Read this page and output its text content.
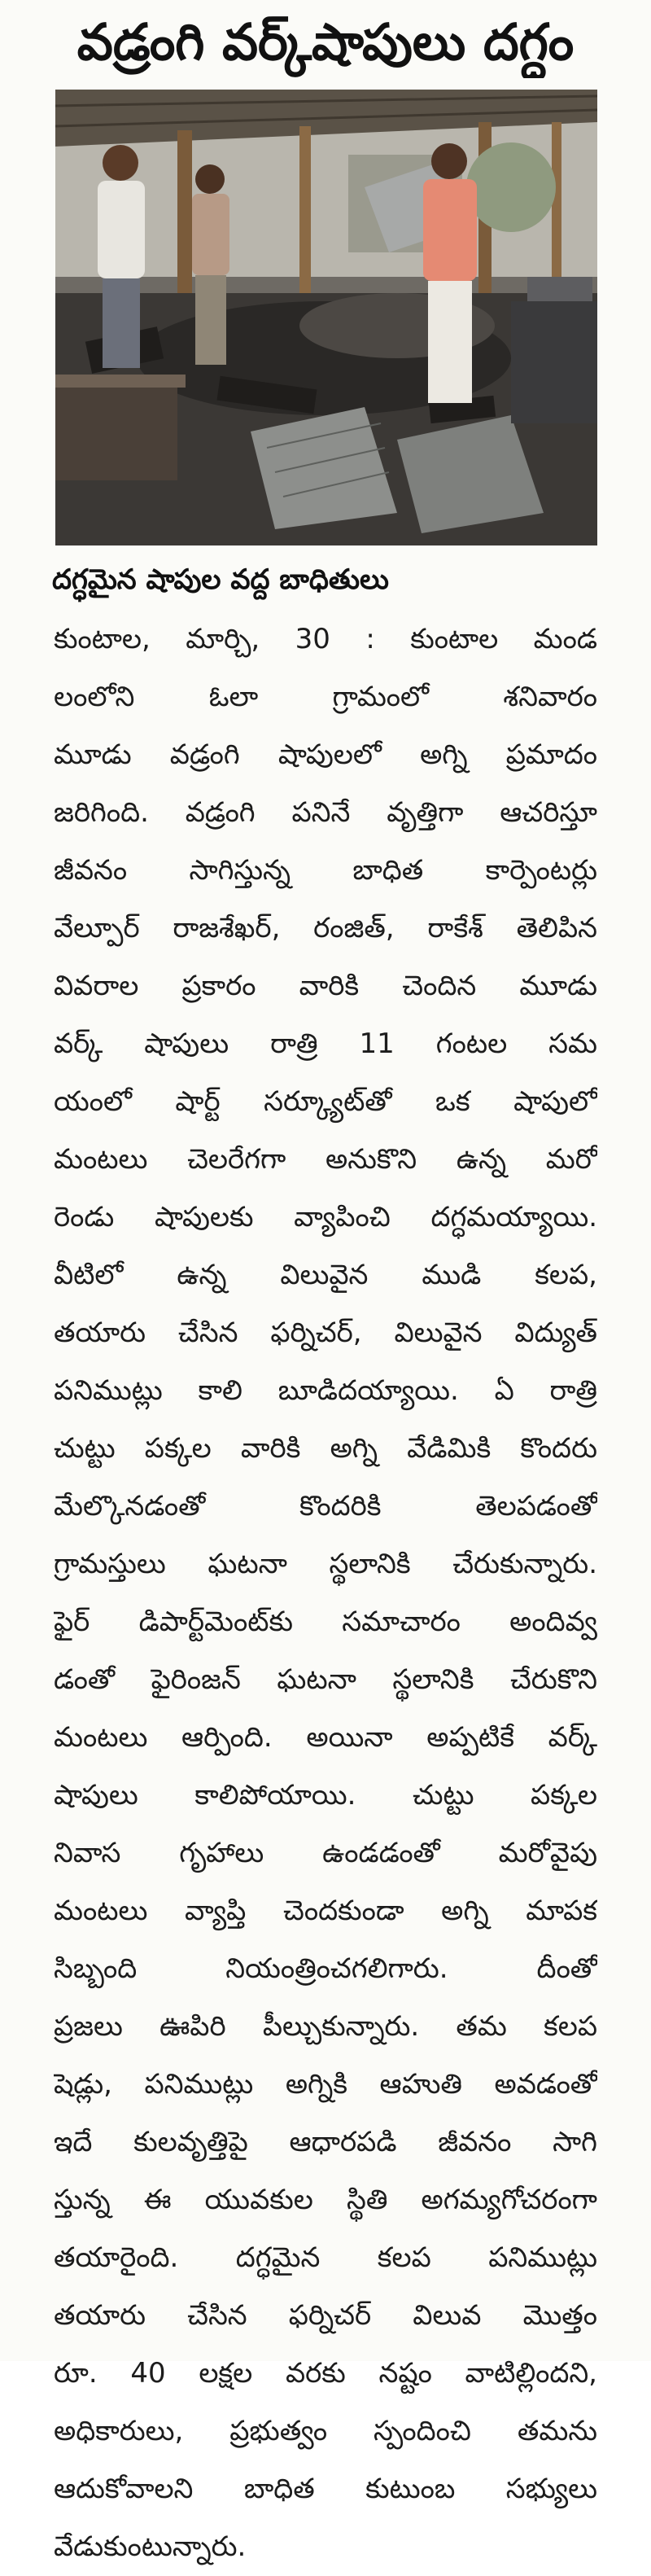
వడ్రంగి వర్క్‌షాపులు దగ్ధం
దగ్ధమైన షాపుల వద్ద బాధితులు
కుంటాల, మార్చి, 30 : కుంటాల మండ
లంలోని ఓలా గ్రామంలో శనివారం
మూడు వడ్రంగి షాపులలో అగ్ని ప్రమాదం
జరిగింది. వడ్రంగి పనినే వృత్తిగా ఆచరిస్తూ
జీవనం సాగిస్తున్న బాధిత కార్పెంటర్లు
వేల్పూర్ రాజశేఖర్, రంజిత్, రాకేశ్ తెలిపిన
వివరాల ప్రకారం వారికి చెందిన మూడు
వర్క్ షాపులు రాత్రి 11 గంటల సమ
యంలో షార్ట్ సర్క్యూట్‌తో ఒక షాపులో
మంటలు చెలరేగగా అనుకొని ఉన్న మరో
రెండు షాపులకు వ్యాపించి దగ్ధమయ్యాయి.
వీటిలో ఉన్న విలువైన ముడి కలప,
తయారు చేసిన ఫర్నిచర్, విలువైన విద్యుత్
పనిముట్లు కాలి బూడిదయ్యాయి. ఏ రాత్రి
చుట్టు పక్కల వారికి అగ్ని వేడిమికి కొందరు
మేల్కొనడంతో కొందరికి తెలపడంతో
గ్రామస్తులు ఘటనా స్థలానికి చేరుకున్నారు.
ఫైర్ డిపార్ట్‌మెంట్‌కు సమాచారం అందివ్వ
డంతో ఫైరింజన్ ఘటనా స్థలానికి చేరుకొని
మంటలు ఆర్పింది. అయినా అప్పటికే వర్క్
షాపులు కాలిపోయాయి. చుట్టు పక్కల
నివాస గృహాలు ఉండడంతో మరోవైపు
మంటలు వ్యాప్తి చెందకుండా అగ్ని మాపక
సిబ్బంది నియంత్రించగలిగారు. దీంతో
ప్రజలు ఊపిరి పీల్చుకున్నారు. తమ కలప
షెడ్లు, పనిముట్లు అగ్నికి ఆహుతి అవడంతో
ఇదే కులవృత్తిపై ఆధారపడి జీవనం సాగి
స్తున్న ఈ యువకుల స్థితి అగమ్యగోచరంగా
తయారైంది. దగ్ధమైన కలప పనిముట్లు
తయారు చేసిన ఫర్నిచర్ విలువ మొత్తం
రూ. 40 లక్షల వరకు నష్టం వాటిల్లిందని,
అధికారులు, ప్రభుత్వం స్పందించి తమను
ఆదుకోవాలని బాధిత కుటుంబ సభ్యులు
వేడుకుంటున్నారు.
